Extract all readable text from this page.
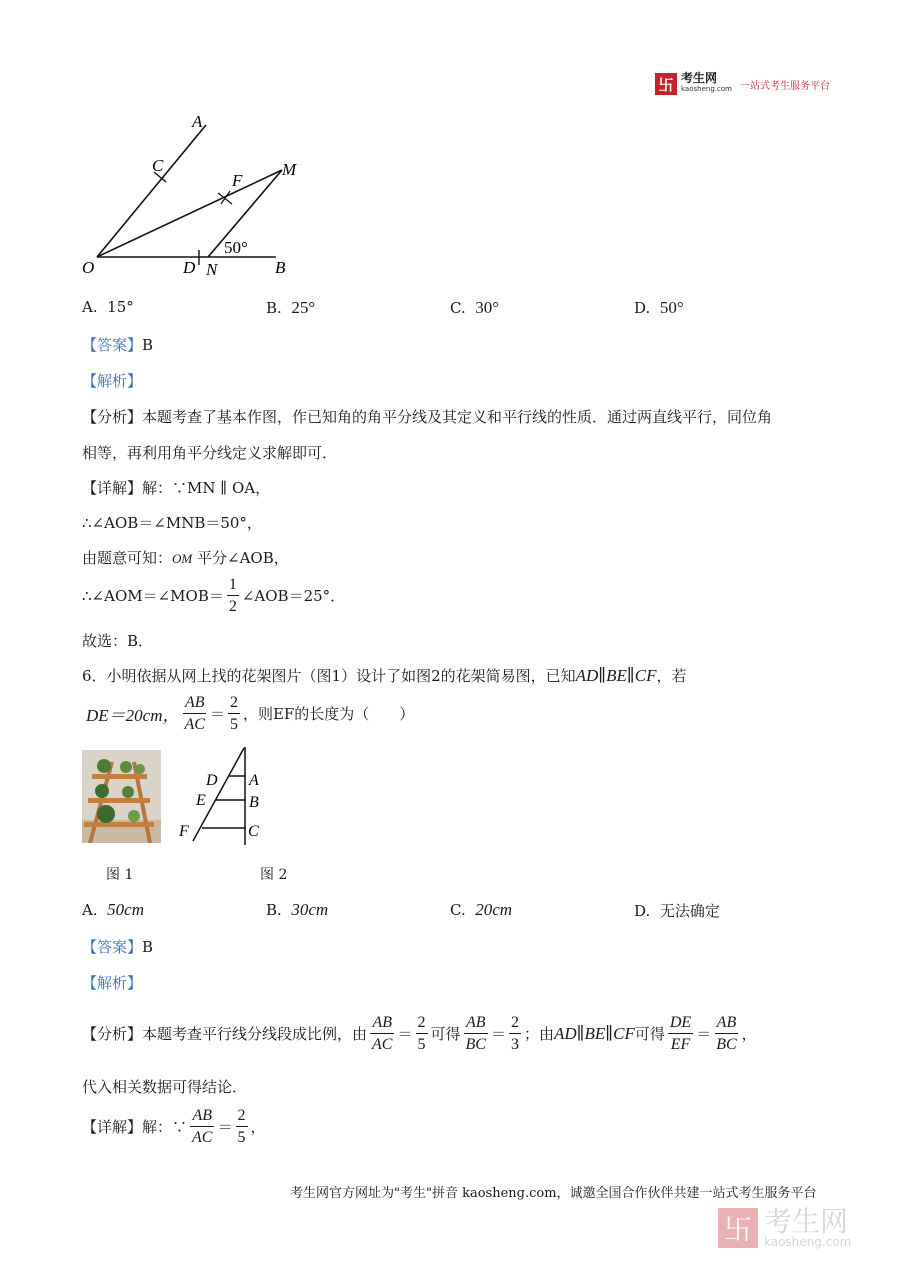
卐 考生网
kaosheng.com 一站式考生服务平台
A
C
F
M
O	D N	B
50°
A. 15°	B. 25°	C. 30°	D. 50°
【答案】B
【解析】
【分析】本题考查了基本作图，作已知角的角平分线及其定义和平行线的性质．通过两直线平行，同位角
相等，再利用角平分线定义求解即可．
【详解】解：∵MN ∥ OA，
∴∠AOB＝∠MNB＝50°，
由题意可知：OM 平分∠AOB，
∴∠AOM＝∠MOB＝ $\frac{1}{2}$ ∠AOB＝25°．
故选：B．
6．小明依据从网上找的花架图片（图1）设计了如图2的花架简易图，已知AD∥BE∥CF，若
DE＝20cm， $\frac{AB}{AC} = \frac{2}{5}$ ，则EF的长度为（　　）
D A
E	B
F	C
图 1	图 2
A. 50cm	B. 30cm	C. 20cm	D. 无法确定
【答案】B
【解析】
【分析】 本题考查平行线分线段成比例，由 $\frac{AB}{AC} = \frac{2}{5}$ 可得 $\frac{AB}{BC} = \frac{2}{3}$ ；由 AD∥BE∥CF 可得 $\frac{DE}{EF} = \frac{AB}{BC}$ ，
代入相关数据可得结论．
【详解】 解：∵ $\frac{AB}{AC} = \frac{2}{5}$ ，
考生网官方网址为"考生"拼音 kaosheng.com，诚邀全国合作伙伴共建一站式考生服务平台
卐 考生网
kaosheng.com
